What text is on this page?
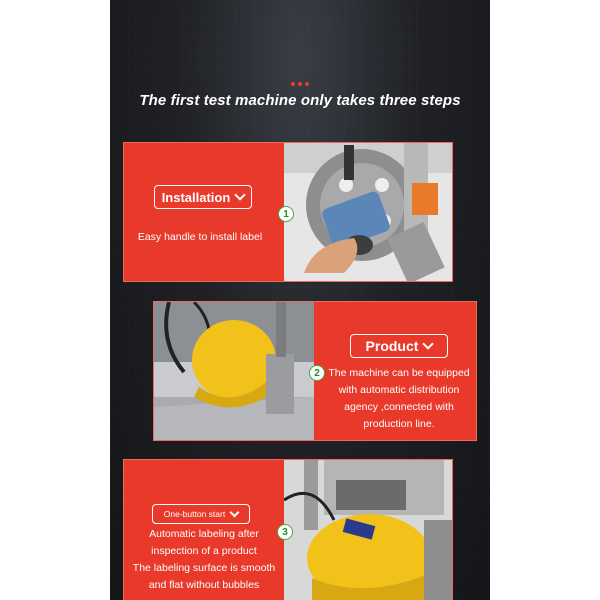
The first test machine only takes three steps
Installation
Easy handle to install label
1
Product
2 The machine can be equipped
with automatic distribution
agency ,connected with
production line.
One-button start
Automatic labeling after
inspection of a product
The labeling surface is smooth
and flat without bubbles
3
